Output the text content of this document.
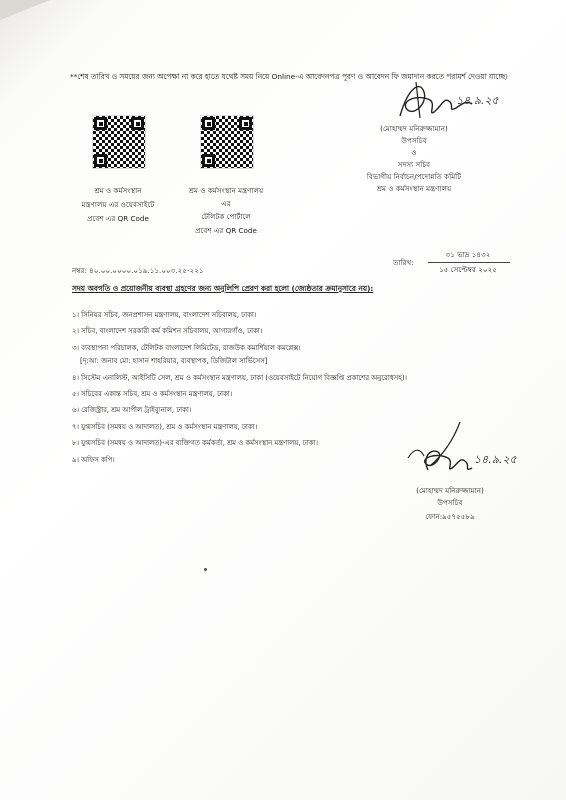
**শেষ তারিখ ও সময়ের জন্য অপেক্ষা না করে হাতে যথেষ্ট সময় নিয়ে Online-এ আবেদনপত্র পূরণ ও আবেদন ফি জমাদান করতে পরামর্শ দেওয়া যাচ্ছে।
শ্রম ও কর্মসংস্থান
মন্ত্রণালয় এর ওয়েবসাইটে
প্রবেশ এর QR Code
শ্রম ও কর্মসংস্থান মন্ত্রণালয়
এর
টেলিটক পোর্টালে
প্রবেশ এর QR Code
১৪.৯.২৫
(মোহাম্মদ মনিরুজ্জামান)
উপসচিব
ও
সদস্য সচিব
বিভাগীয় নির্বাচন/পদোন্নতি কমিটি
শ্রম ও কর্মসংস্থান মন্ত্রণালয়
নম্বর: ৪০.০০.০০০০.০১৯.১১.০০৩.২৫-২২১
তারিখ:
৩১ ভাদ্র ১৪৩২
১৫ সেপ্টেম্বর ২০২৫
সদয় অবগতি ও প্রয়োজনীয় ব্যবস্থা গ্রহণের জন্য অনুলিপি প্রেরণ করা হলো (জ্যেষ্ঠতার ক্রমানুসারে নয়):
১। সিনিয়র সচিব, জনপ্রশাসন মন্ত্রণালয়, বাংলাদেশ সচিবালয়, ঢাকা।
২। সচিব, বাংলাদেশ সরকারী কর্ম কমিশন সচিবালয়, আগারগাঁও, ঢাকা।
৩। ব্যবস্থাপনা পরিচালক, টেলিটক বাংলাদেশ লিমিটেড, রাজউক কমার্শিয়াল কমপ্লেক্স।
[দৃ:আ: জনাব মো: হাসান শাহরিয়ার, ব্যবস্থাপক, ডিজিটাল সার্ভিসেস]
৪। সিস্টেম এনালিস্ট, আইসিটি সেল, শ্রম ও কর্মসংস্থান মন্ত্রণালয়, ঢাকা (ওয়েবসাইটে নিয়োগ বিজ্ঞপ্তি প্রকাশের অনুরোধসহ)।
৫। সচিবের একান্ত সচিব, শ্রম ও কর্মসংস্থান মন্ত্রণালয়, ঢাকা।
৬। রেজিস্ট্রার, শ্রম আপীল ট্রাইব্যুনাল, ঢাকা।
৭। যুগ্মসচিব (সমন্বয় ও আদালত), শ্রম ও কর্মসংস্থান মন্ত্রণালয়, ঢাকা।
৮। যুগ্মসচিব (সমন্বয় ও আদালত)-এর ব্যক্তিগত কর্মকর্তা, শ্রম ও কর্মসংস্থান মন্ত্রণালয়, ঢাকা।
৯। অফিস কপি।	১৪.৯.২৫
(মোহাম্মদ মনিরুজ্জামান)
উপসচিব
ফোন:৯৫৭৫৫৮৯
